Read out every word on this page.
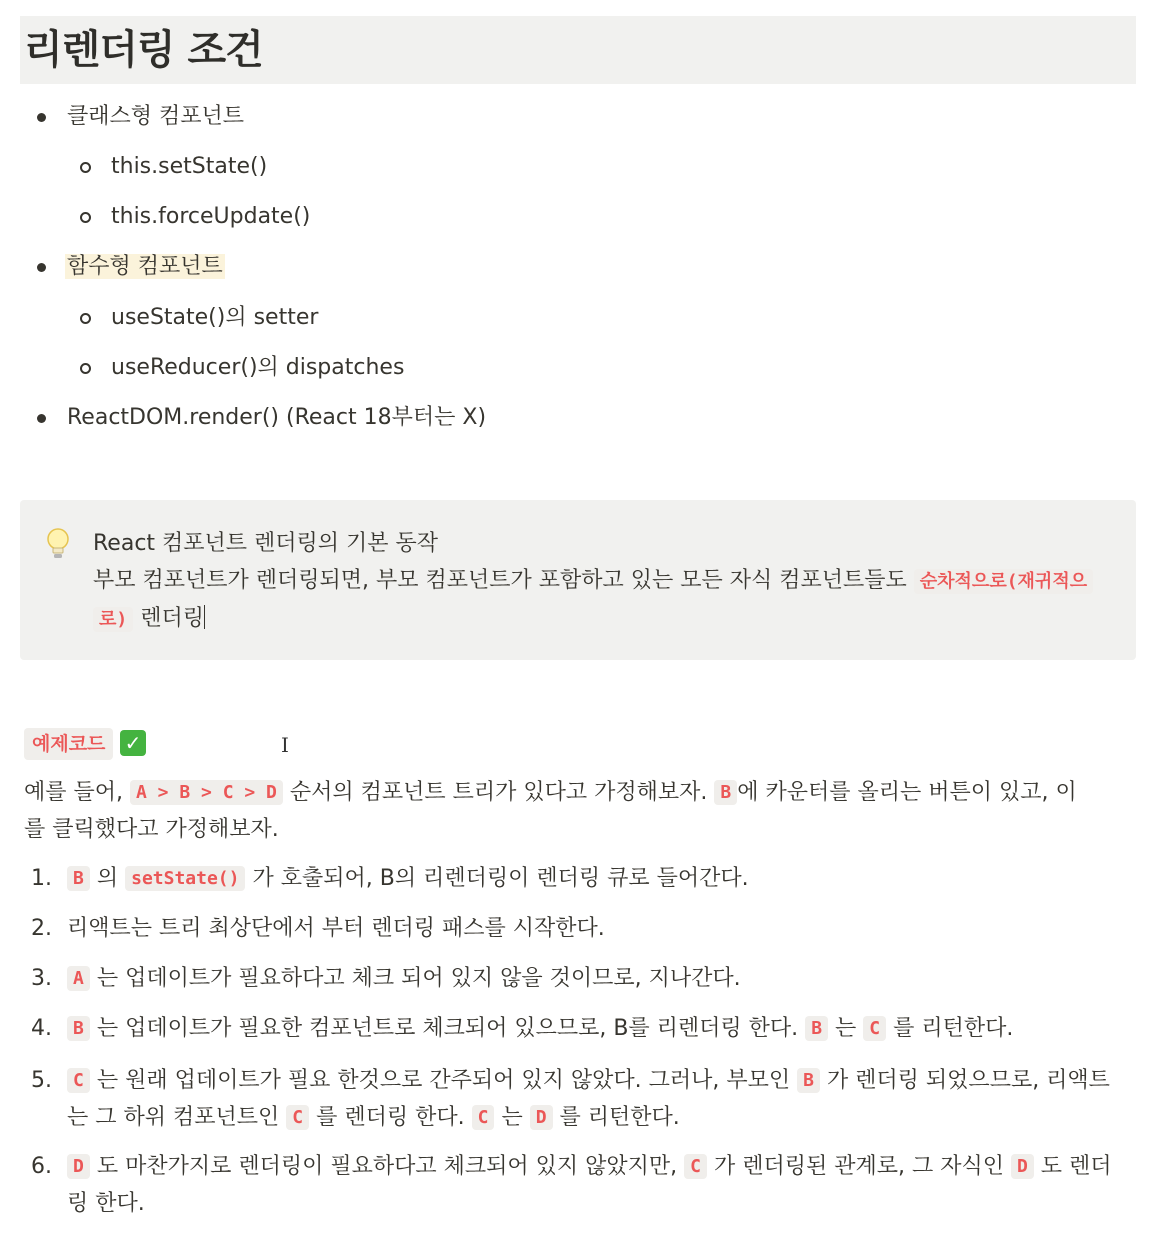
리렌더링 조건
클래스형 컴포넌트
this.setState()
this.forceUpdate()
함수형 컴포넌트
useState()의 setter
useReducer()의 dispatches
ReactDOM.render() (React 18부터는 X)
React 컴포넌트 렌더링의 기본 동작
부모 컴포넌트가 렌더링되면, 부모 컴포넌트가 포함하고 있는 모든 자식 컴포넌트들도 순차적으로(재귀적으
로) 렌더링
예제코드 ✓	I
예를 들어, A > B > C > D 순서의 컴포넌트 트리가 있다고 가정해보자. B 에 카운터를 올리는 버튼이 있고, 이
를 클릭했다고 가정해보자.
1.	B 의 setState() 가 호출되어, B의 리렌더링이 렌더링 큐로 들어간다.
2. 리액트는 트리 최상단에서 부터 렌더링 패스를 시작한다.
3.	A 는 업데이트가 필요하다고 체크 되어 있지 않을 것이므로, 지나간다.
4.	B 는 업데이트가 필요한 컴포넌트로 체크되어 있으므로, B를 리렌더링 한다. B 는 C 를 리턴한다.
5.	C 는 원래 업데이트가 필요 한것으로 간주되어 있지 않았다. 그러나, 부모인 B 가 렌더링 되었으므로, 리액트
는 그 하위 컴포넌트인 C 를 렌더링 한다. C 는 D 를 리턴한다.
6.	D 도 마찬가지로 렌더링이 필요하다고 체크되어 있지 않았지만, C 가 렌더링된 관계로, 그 자식인 D 도 렌더
링 한다.
